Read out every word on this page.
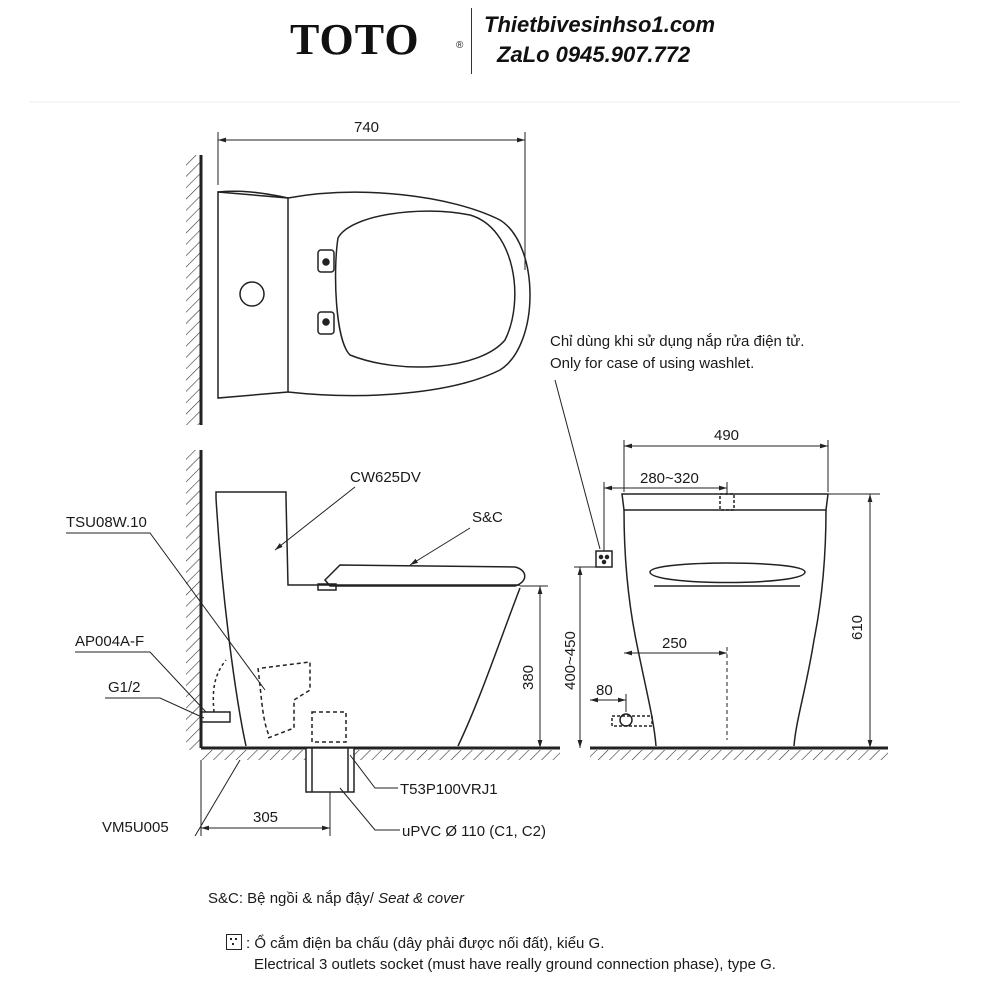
TOTO	®
Thietbivesinhso1.com
ZaLo 0945.907.772
740
380
305
CW625DV
S&C
TSU08W.10
AP004A-F
G1/2
VM5U005
T53P100VRJ1
uPVC Ø 110 (C1, C2)
490
280~320
250
80
400~450
610
Chỉ dùng khi sử dụng nắp rửa điện tử.
Only for case of using washlet.
S&C: Bệ ngồi & nắp đậy/ Seat & cover
: Ổ cắm điện ba chấu (dây phải được nối đất), kiểu G.
Electrical 3 outlets socket (must have really ground connection phase), type G.
